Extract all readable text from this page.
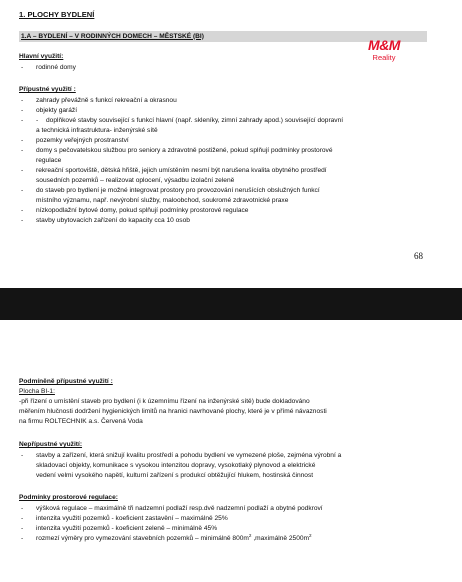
1. PLOCHY BYDLENÍ
1.A – BYDLENÍ – V RODINNÝCH DOMECH – MĚSTSKÉ (BI)
M&M
Reality
Hlavní využití:
- rodinné domy
Přípustné využití :
- zahrady převážně s funkcí rekreační a okrasnou
- objekty garáží
- - doplňkové stavby související s funkcí hlavní (např. skleníky, zimní zahrady apod.) související dopravní
a technická infrastruktura- inženýrské sítě
- pozemky veřejných prostranství
- domy s pečovatelskou službou pro seniory a zdravotně postižené, pokud splňují podmínky prostorové
regulace
- rekreační sportoviště, dětská hřiště, jejich umístěním nesmí být narušena kvalita obytného prostředí
sousedních pozemků – realizovat oplocení, výsadbu izolační zeleně
- do staveb pro bydlení je možné integrovat prostory pro provozování nerušících obslužných funkcí
místního významu, např. nevýrobní služby, maloobchod, soukromé zdravotnické praxe
- nízkopodlažní bytové domy, pokud splňují podmínky prostorové regulace
- stavby ubytovacích zařízení do kapacity cca 10 osob
68
Podmíněně přípustné využití :
Plocha BI-1:
-při řízení o umístění staveb pro bydlení (i k územnímu řízení na inženýrské sítě) bude dokladováno
měřením hlučnosti dodržení hygienických limitů na hranici navrhované plochy, které je v přímé návaznosti
na firmu ROLTECHNIK a.s. Červená Voda
Nepřípustné využití:
- stavby a zařízení, která snižují kvalitu prostředí a pohodu bydlení ve vymezené ploše, zejména výrobní a
skladovací objekty, komunikace s vysokou intenzitou dopravy, vysokotlaký plynovod a elektrické
vedení velmi vysokého napětí, kulturní zařízení s produkcí obtěžující hlukem, hostinská činnost
Podmínky prostorové regulace:
- výšková regulace – maximálně tři nadzemní podlaží resp.dvě nadzemní podlaží a obytné podkroví
- intenzita využití pozemků - koeficient zastavění – maximálně 25%
- intenzita využití pozemků - koeficient zeleně – minimálně 45%
- rozmezí výměry pro vymezování stavebních pozemků – minimálně $800m^2$ ,maximálně $2500m^2$
